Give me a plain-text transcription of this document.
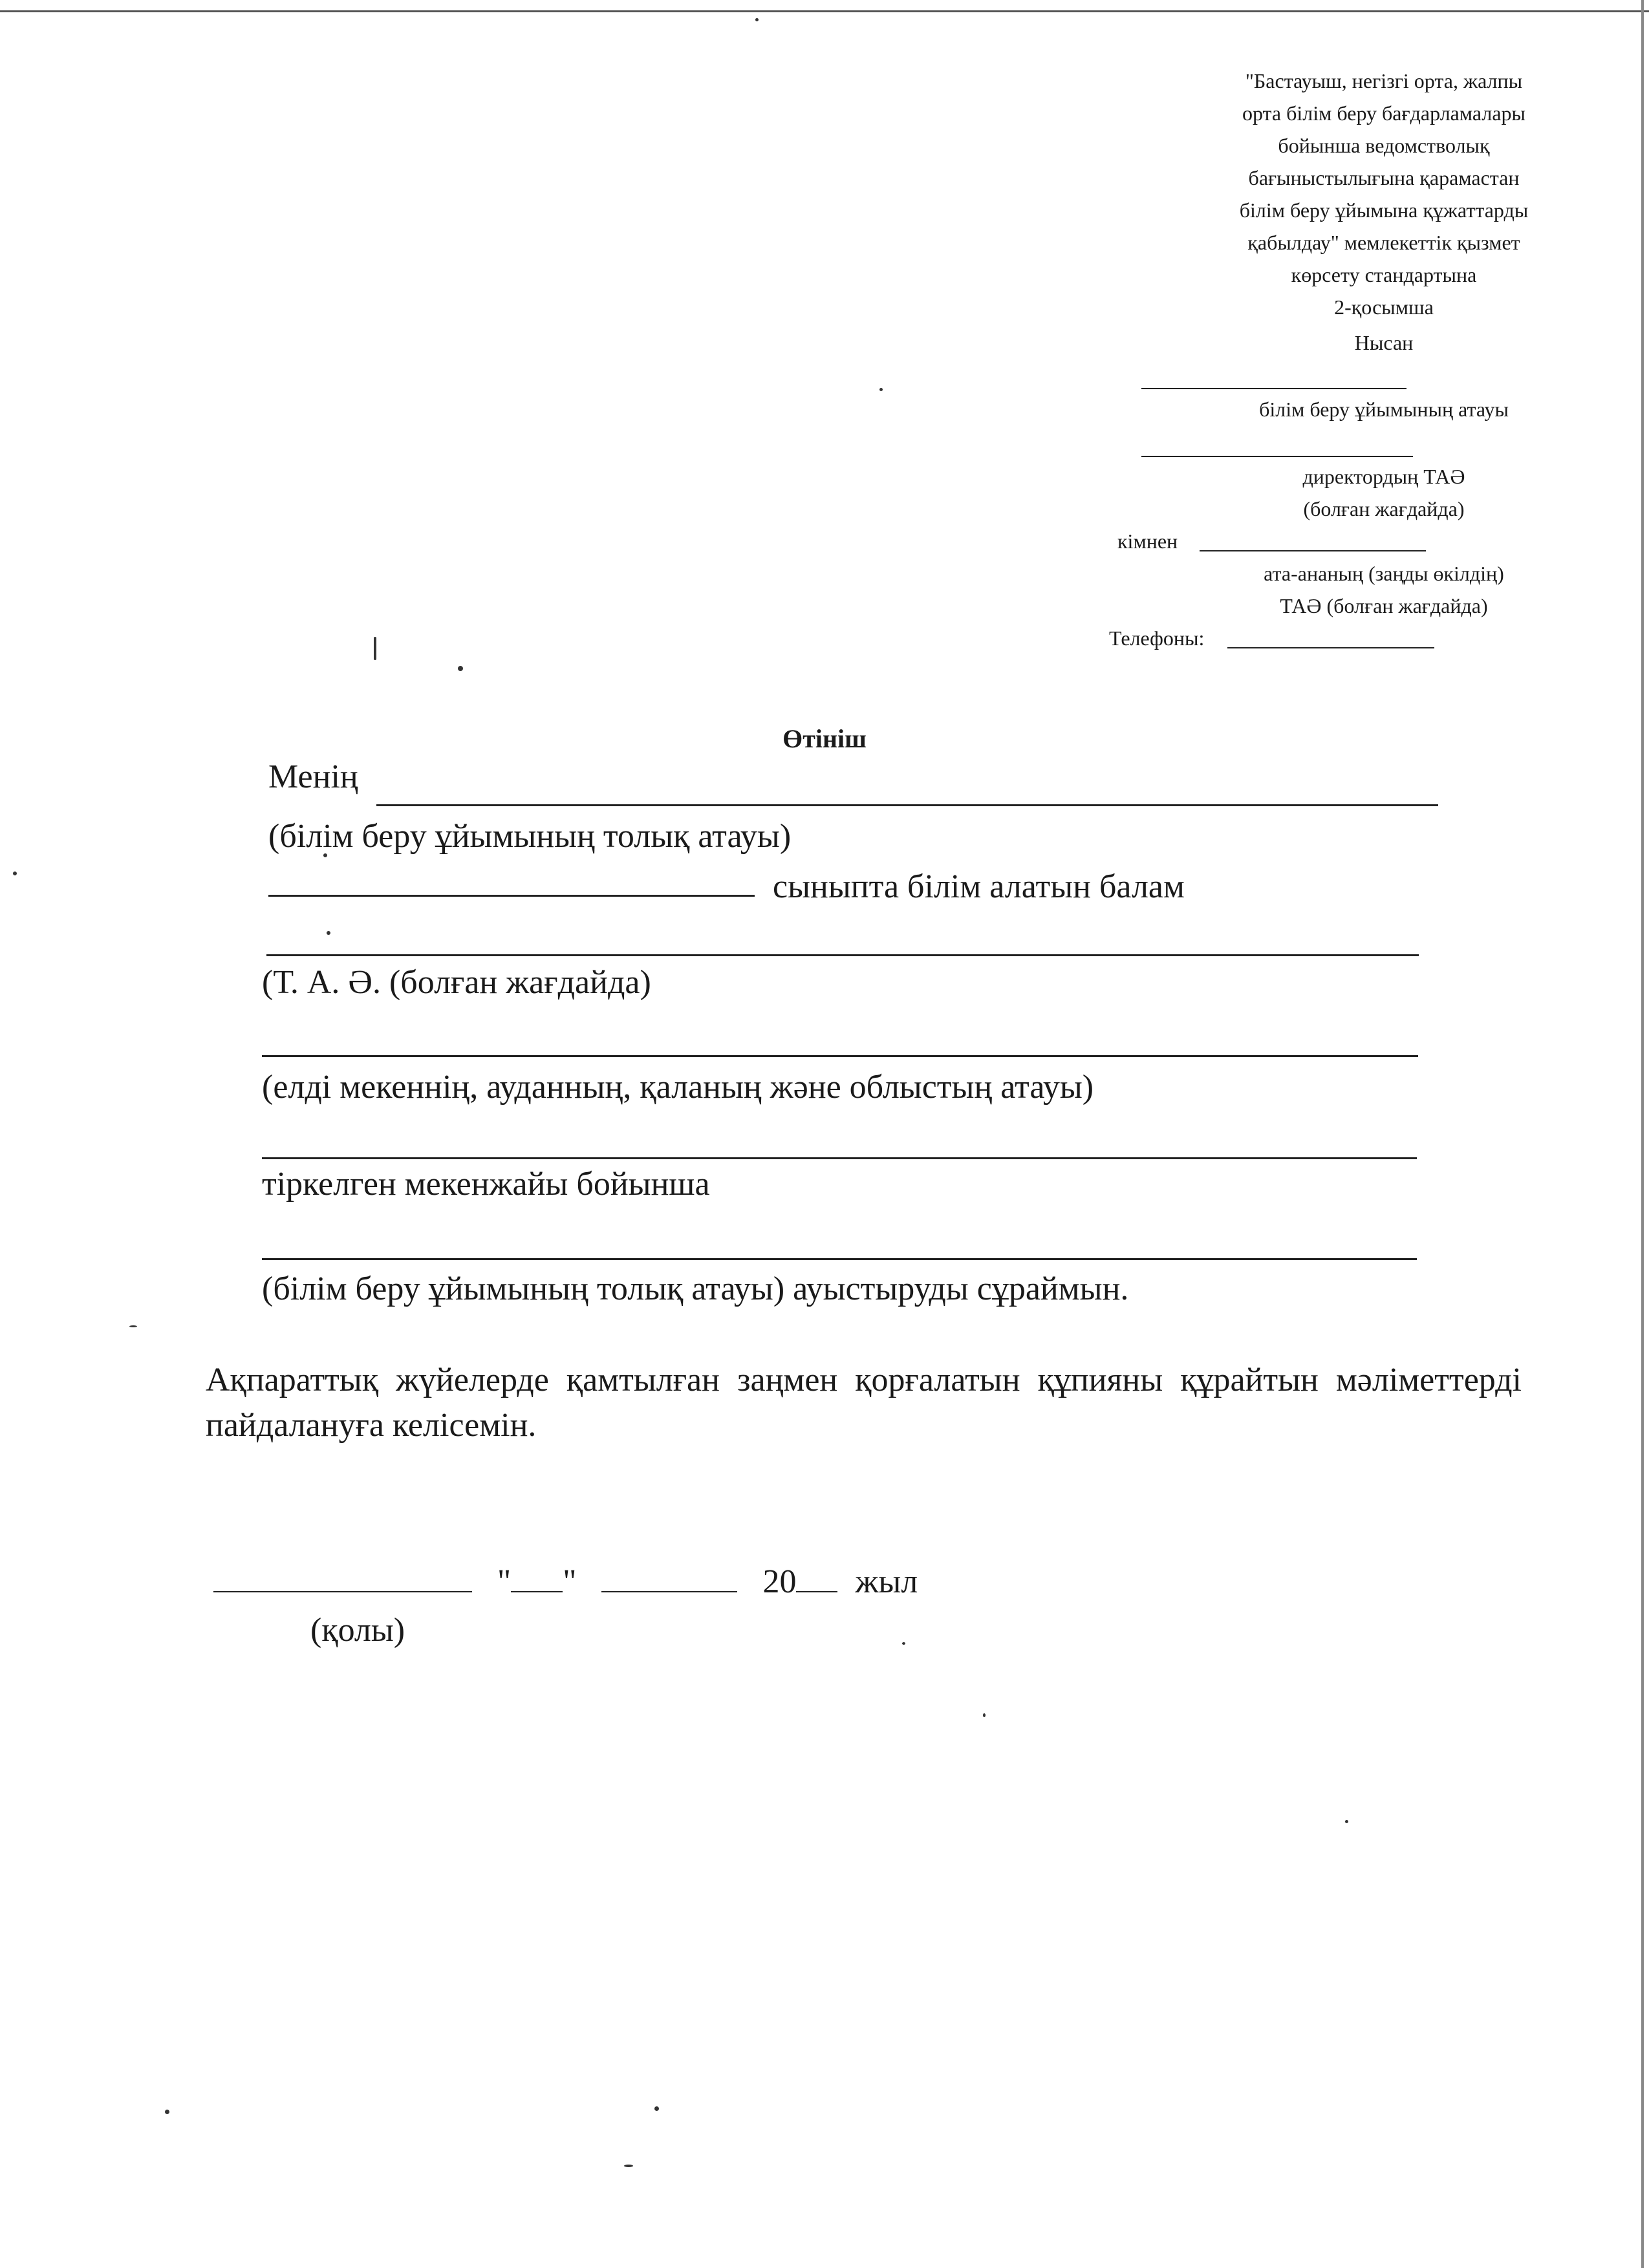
"Бастауыш, негізгі орта, жалпы
орта білім беру бағдарламалары
бойынша ведомстволық
бағыныстылығына қарамастан
білім беру ұйымына құжаттарды
қабылдау" мемлекеттік қызмет
көрсету стандартына
2-қосымша
Нысан
білім беру ұйымының атауы
директордың ТАӘ
(болған жағдайда)
кімнен
ата-ананың (заңды өкілдің)
ТАӘ (болған жағдайда)
Телефоны:
Өтініш
Менің
(білім беру ұйымының толық атауы)
сыныпта білім алатын балам
(Т. А. Ә. (болған жағдайда)
(елді мекеннің, ауданның, қаланың және облыстың атауы)
тіркелген мекенжайы бойынша
(білім беру ұйымының толық атауы) ауыстыруды сұраймын.
Ақпараттық жүйелерде қамтылған заңмен қорғалатын құпияны құрайтын мәліметтерді пайдалануға келісемін.
" "	20 жыл
(қолы)
